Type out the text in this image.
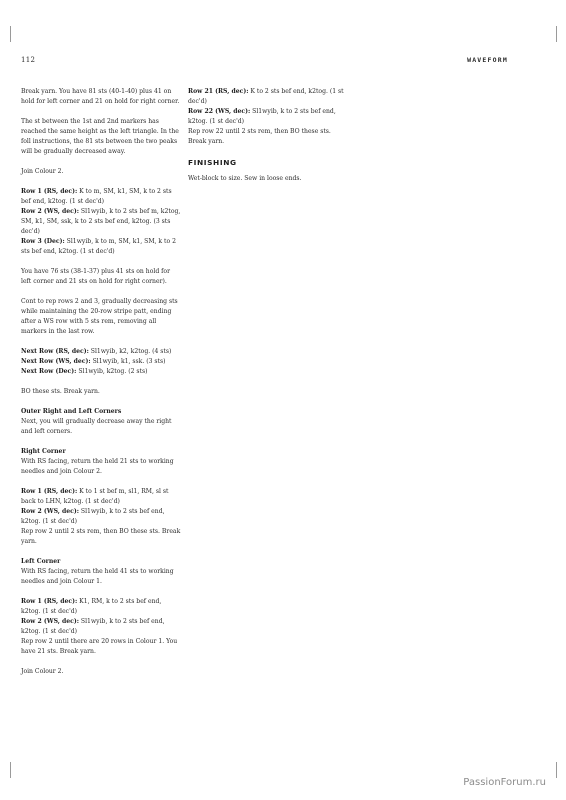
112	WAVEFORM

Break yarn. You have 81 sts (40-1-40) plus 41 on hold for left corner and 21 on hold for right corner.

The st between the 1st and 2nd markers has reached the same height as the left triangle. In the foll instructions, the 81 sts between the two peaks will be gradually decreased away.

Join Colour 2.

Row 1 (RS, dec): K to m, SM, k1, SM, k to 2 sts bef end, k2tog. (1 st dec'd)
Row 2 (WS, dec): Sl1wyib, k to 2 sts bef m, k2tog, SM, k1, SM, ssk, k to 2 sts bef end, k2tog. (3 sts dec'd)
Row 3 (Dec): Sl1wyib, k to m, SM, k1, SM, k to 2 sts bef end, k2tog. (1 st dec'd)

You have 76 sts (38-1-37) plus 41 sts on hold for left corner and 21 sts on hold for right corner).

Cont to rep rows 2 and 3, gradually decreasing sts while maintaining the 20-row stripe patt, ending after a WS row with 5 sts rem, removing all markers in the last row.

Next Row (RS, dec): Sl1wyib, k2, k2tog. (4 sts)
Next Row (WS, dec): Sl1wyib, k1, ssk. (3 sts)
Next Row (Dec): Sl1wyib, k2tog. (2 sts)

BO these sts. Break yarn.

Outer Right and Left Corners
Next, you will gradually decrease away the right and left corners.

Right Corner
With RS facing, return the held 21 sts to working needles and join Colour 2.

Row 1 (RS, dec): K to 1 st bef m, sl1, RM, sl st back to LHN, k2tog. (1 st dec'd)
Row 2 (WS, dec): Sl1wyib, k to 2 sts bef end, k2tog. (1 st dec'd)
Rep row 2 until 2 sts rem, then BO these sts. Break yarn.

Left Corner
With RS facing, return the held 41 sts to working needles and join Colour 1.

Row 1 (RS, dec): K1, RM, k to 2 sts bef end, k2tog. (1 st dec'd)
Row 2 (WS, dec): Sl1wyib, k to 2 sts bef end, k2tog. (1 st dec'd)
Rep row 2 until there are 20 rows in Colour 1. You have 21 sts. Break yarn.

Join Colour 2.

Row 21 (RS, dec): K to 2 sts bef end, k2tog. (1 st dec'd)
Row 22 (WS, dec): Sl1wyib, k to 2 sts bef end, k2tog. (1 st dec'd)
Rep row 22 until 2 sts rem, then BO these sts. Break yarn.

FINISHING

Wet-block to size. Sew in loose ends.

PassionForum.ru
